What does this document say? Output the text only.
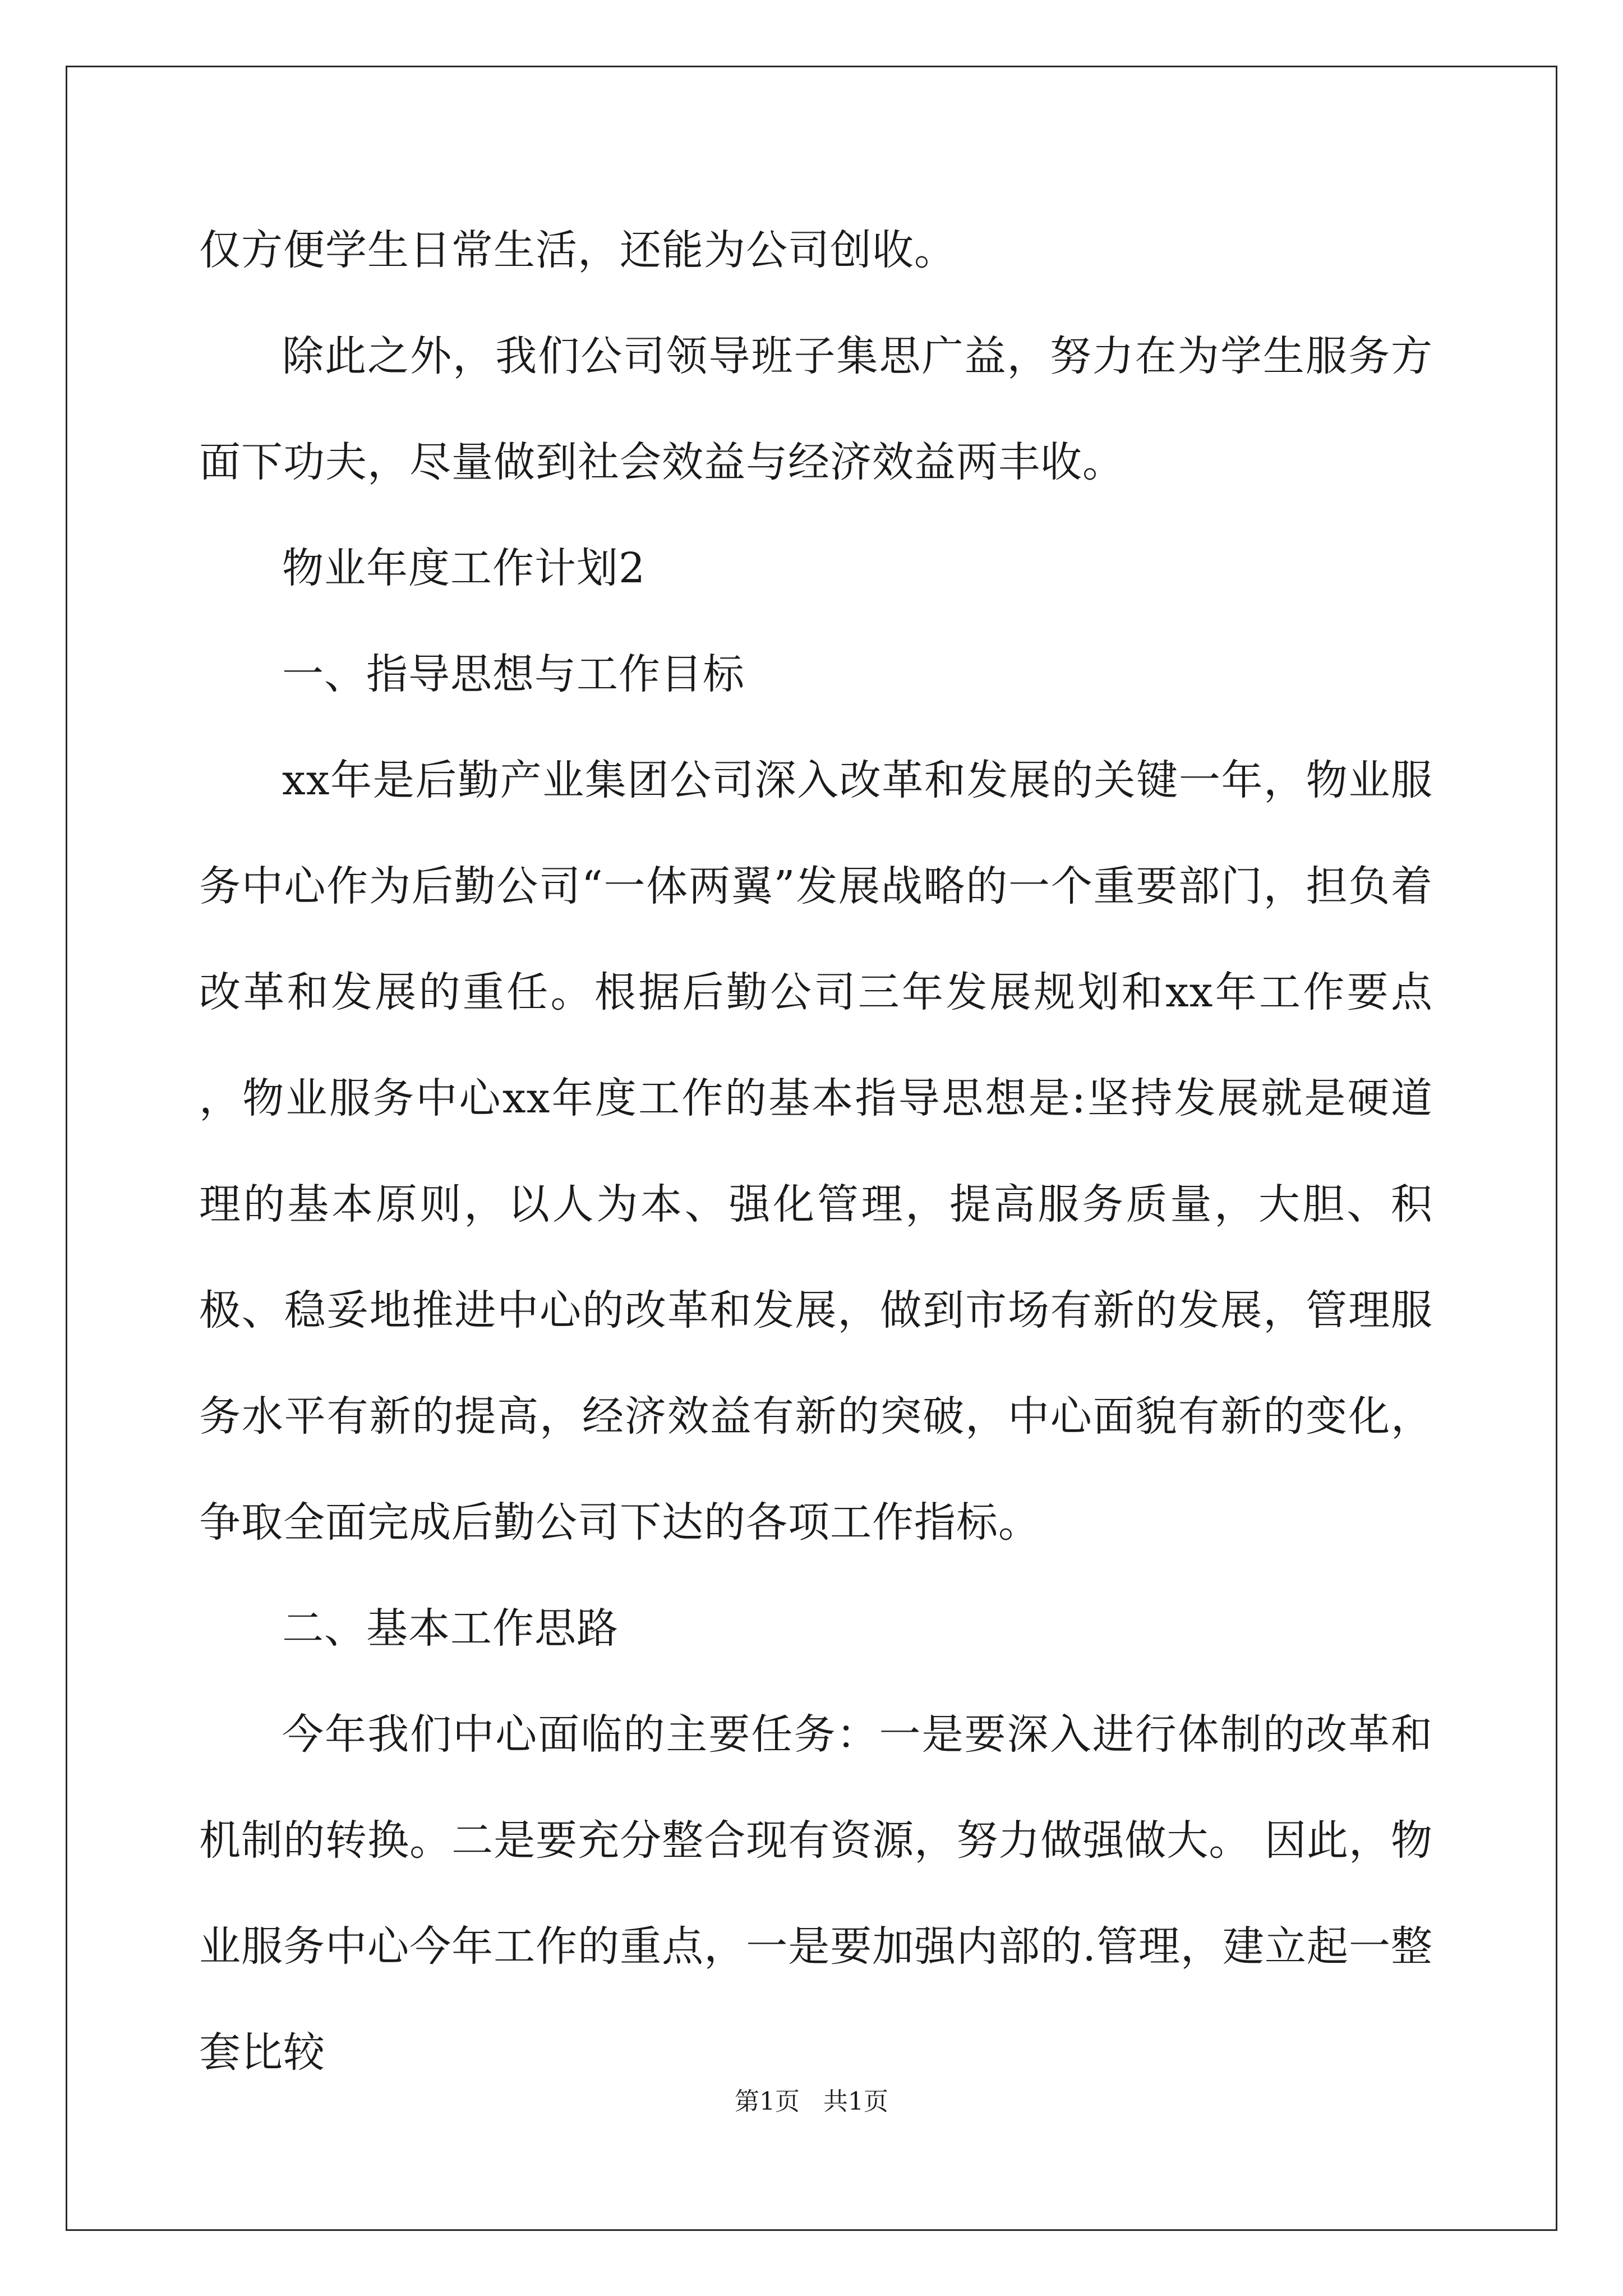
仅方便学生日常生活，还能为公司创收。

除此之外，我们公司领导班子集思广益，努力在为学生服务方面下功夫，尽量做到社会效益与经济效益两丰收。

物业年度工作计划2

一、指导思想与工作目标

xx年是后勤产业集团公司深入改革和发展的关键一年，物业服务中心作为后勤公司“一体两翼”发展战略的一个重要部门，担负着改革和发展的重任。根据后勤公司三年发展规划和xx年工作要点 ，物业服务中心xx年度工作的基本指导思想是:坚持发展就是硬道理的基本原则，以人为本、强化管理，提高服务质量，大胆、积极、稳妥地推进中心的改革和发展，做到市场有新的发展，管理服务水平有新的提高，经济效益有新的突破，中心面貌有新的变化，争取全面完成后勤公司下达的各项工作指标。

二、基本工作思路

今年我们中心面临的主要任务：一是要深入进行体制的改革和机制的转换。二是要充分整合现有资源，努力做强做大。 因此，物业服务中心今年工作的重点，一是要加强内部的.管理，建立起一整套比较

第1页   共1页
